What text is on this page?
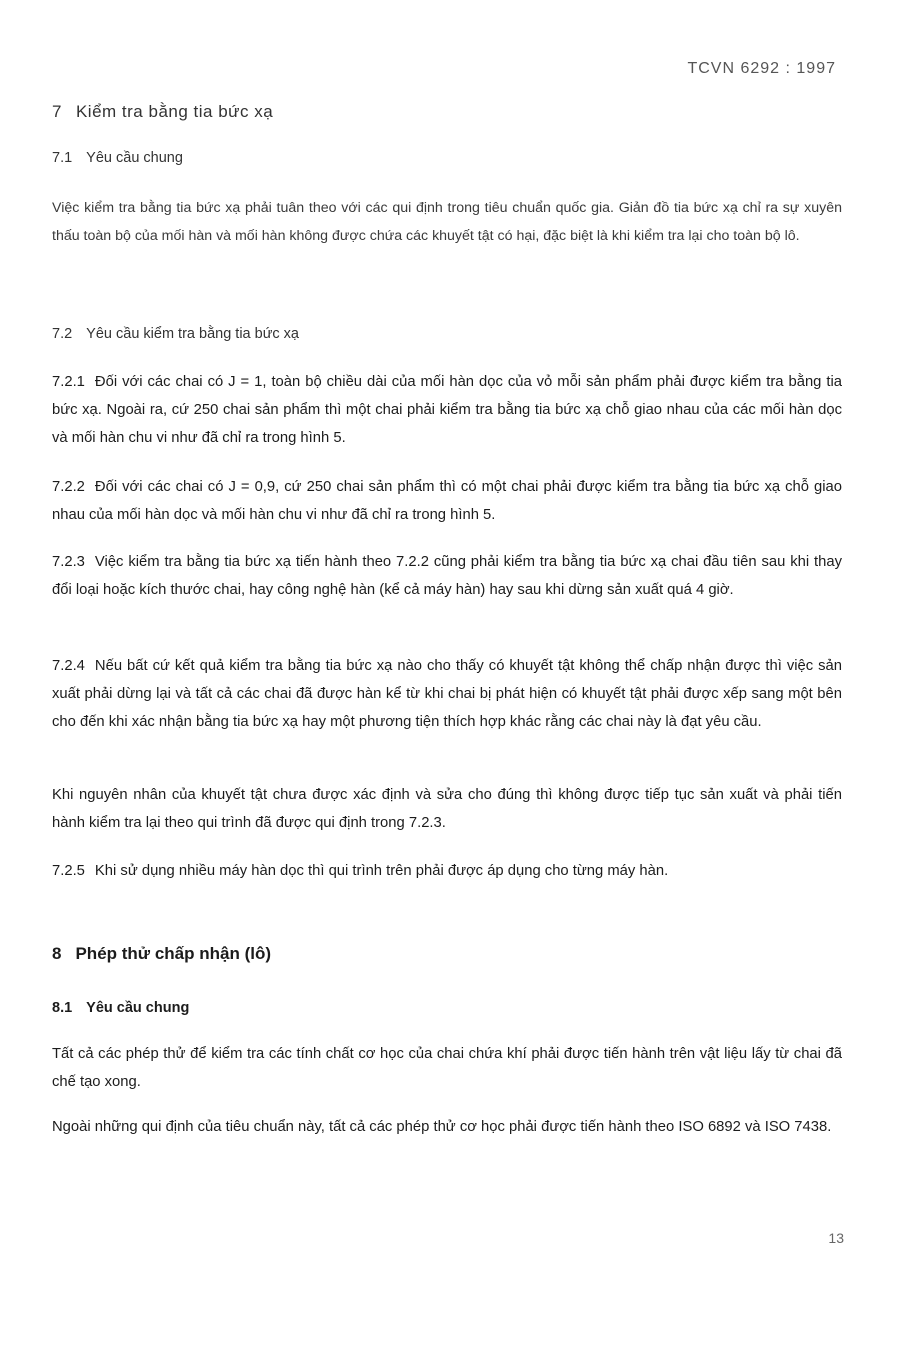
TCVN 6292 : 1997
7 Kiểm tra bằng tia bức xạ
7.1 Yêu cầu chung
Việc kiểm tra bằng tia bức xạ phải tuân theo với các qui định trong tiêu chuẩn quốc gia. Giản đồ tia bức xạ chỉ ra sự xuyên thấu toàn bộ của mối hàn và mối hàn không được chứa các khuyết tật có hại, đặc biệt là khi kiểm tra lại cho toàn bộ lô.
7.2 Yêu cầu kiểm tra bằng tia bức xạ
7.2.1 Đối với các chai có J = 1, toàn bộ chiều dài của mối hàn dọc của vỏ mỗi sản phẩm phải được kiểm tra bằng tia bức xạ. Ngoài ra, cứ 250 chai sản phẩm thì một chai phải kiểm tra bằng tia bức xạ chỗ giao nhau của các mối hàn dọc và mối hàn chu vi như đã chỉ ra trong hình 5.
7.2.2 Đối với các chai có J = 0,9, cứ 250 chai sản phẩm thì có một chai phải được kiểm tra bằng tia bức xạ chỗ giao nhau của mối hàn dọc và mối hàn chu vi như đã chỉ ra trong hình 5.
7.2.3 Việc kiểm tra bằng tia bức xạ tiến hành theo 7.2.2 cũng phải kiểm tra bằng tia bức xạ chai đầu tiên sau khi thay đổi loại hoặc kích thước chai, hay công nghệ hàn (kể cả máy hàn) hay sau khi dừng sản xuất quá 4 giờ.
7.2.4 Nếu bất cứ kết quả kiểm tra bằng tia bức xạ nào cho thấy có khuyết tật không thể chấp nhận được thì việc sản xuất phải dừng lại và tất cả các chai đã được hàn kể từ khi chai bị phát hiện có khuyết tật phải được xếp sang một bên cho đến khi xác nhận bằng tia bức xạ hay một phương tiện thích hợp khác rằng các chai này là đạt yêu cầu.
Khi nguyên nhân của khuyết tật chưa được xác định và sửa cho đúng thì không được tiếp tục sản xuất và phải tiến hành kiểm tra lại theo qui trình đã được qui định trong 7.2.3.
7.2.5 Khi sử dụng nhiều máy hàn dọc thì qui trình trên phải được áp dụng cho từng máy hàn.
8 Phép thử chấp nhận (lô)
8.1 Yêu cầu chung
Tất cả các phép thử để kiểm tra các tính chất cơ học của chai chứa khí phải được tiến hành trên vật liệu lấy từ chai đã chế tạo xong.
Ngoài những qui định của tiêu chuẩn này, tất cả các phép thử cơ học phải được tiến hành theo ISO 6892 và ISO 7438.
13
